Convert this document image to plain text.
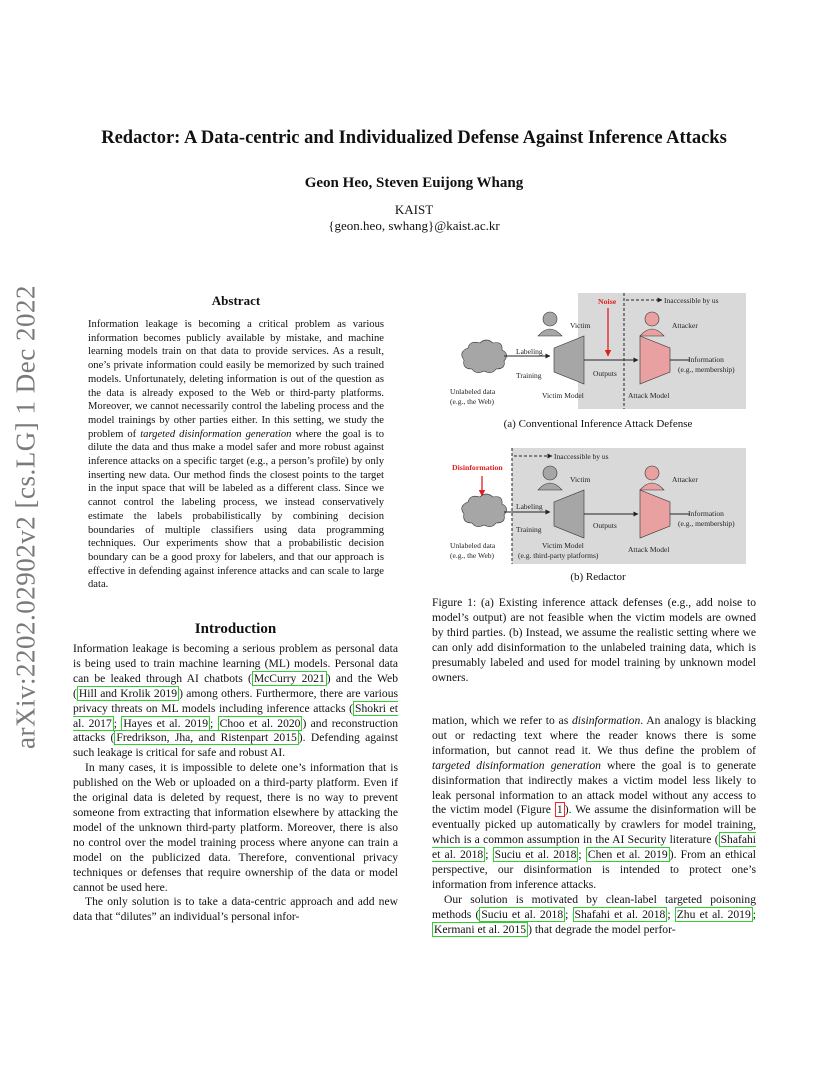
arXiv:2202.02902v2 [cs.LG] 1 Dec 2022
Redactor: A Data-centric and Individualized Defense Against Inference Attacks
Geon Heo, Steven Euijong Whang
KAIST
{geon.heo, swhang}@kaist.ac.kr
Abstract
Information leakage is becoming a critical problem as various information becomes publicly available by mistake, and machine learning models train on that data to provide services. As a result, one’s private information could easily be memorized by such trained models. Unfortunately, deleting information is out of the question as the data is already exposed to the Web or third-party platforms. Moreover, we cannot necessarily control the labeling process and the model trainings by other parties either. In this setting, we study the problem of targeted disinformation generation where the goal is to dilute the data and thus make a model safer and more robust against inference attacks on a specific target (e.g., a person’s profile) by only inserting new data. Our method finds the closest points to the target in the input space that will be labeled as a different class. Since we cannot control the labeling process, we instead conservatively estimate the labels probabilistically by combining decision boundaries of multiple classifiers using data programming techniques. Our experiments show that a probabilistic decision boundary can be a good proxy for labelers, and that our approach is effective in defending against inference attacks and can scale to large data.
Introduction

Information leakage is becoming a serious problem as personal data is being used to train machine learning (ML) models. Personal data can be leaked through AI chatbots ( McCurry 2021 ) and the Web ( Hill and Krolik 2019 ) among others. Furthermore, there are various privacy threats on ML models including inference attacks ( Shokri et al. 2017 ; Hayes et al. 2019 ; Choo et al. 2020 ) and reconstruction attacks ( Fredrikson, Jha, and Ristenpart 2015 ). Defending against such leakage is critical for safe and robust AI.

In many cases, it is impossible to delete one’s information that is published on the Web or uploaded on a third-party platform. Even if the original data is deleted by request, there is no way to prevent someone from extracting that information elsewhere by attacking the model of the unknown third-party platform. Moreover, there is also no control over the model training process where anyone can train a model on the publicized data. Therefore, conventional privacy techniques or defenses that require ownership of the data or model cannot be used here.

The only solution is to take a data-centric approach and add new data that “dilutes” an individual’s personal infor-

Inaccessible by us
Noise
Victim	Attacker
Labeling
Training	Outputs
Information
(e.g., membership)
Unlabeled data
(e.g., the Web)
Victim Model	Attack Model
(a) Conventional Inference Attack Defense
Inaccessible by us
Disinformation
Victim	Attacker
Labeling
Training	Outputs
Information
(e.g., membership)
Unlabeled data
(e.g., the Web)
Victim Model
(e.g. third-party platforms)
Attack Model
(b) Redactor
Figure 1: (a) Existing inference attack defenses (e.g., add noise to model’s output) are not feasible when the victim models are owned by third parties. (b) Instead, we assume the realistic setting where we can only add disinformation to the unlabeled training data, which is presumably labeled and used for model training by unknown model owners.

mation, which we refer to as disinformation. An analogy is blacking out or redacting text where the reader knows there is some information, but cannot read it. We thus define the problem of targeted disinformation generation where the goal is to generate disinformation that indirectly makes a victim model less likely to leak personal information to an attack model without any access to the victim model (Figure 1 ). We assume the disinformation will be eventually picked up automatically by crawlers for model training, which is a common assumption in the AI Security literature ( Shafahi et al. 2018 ; Suciu et al. 2018 ; Chen et al. 2019 ). From an ethical perspective, our disinformation is intended to protect one’s information from inference attacks.

Our solution is motivated by clean-label targeted poisoning methods ( Suciu et al. 2018 ; Shafahi et al. 2018 ; Zhu et al. 2019 ; Kermani et al. 2015 ) that degrade the model perfor-
